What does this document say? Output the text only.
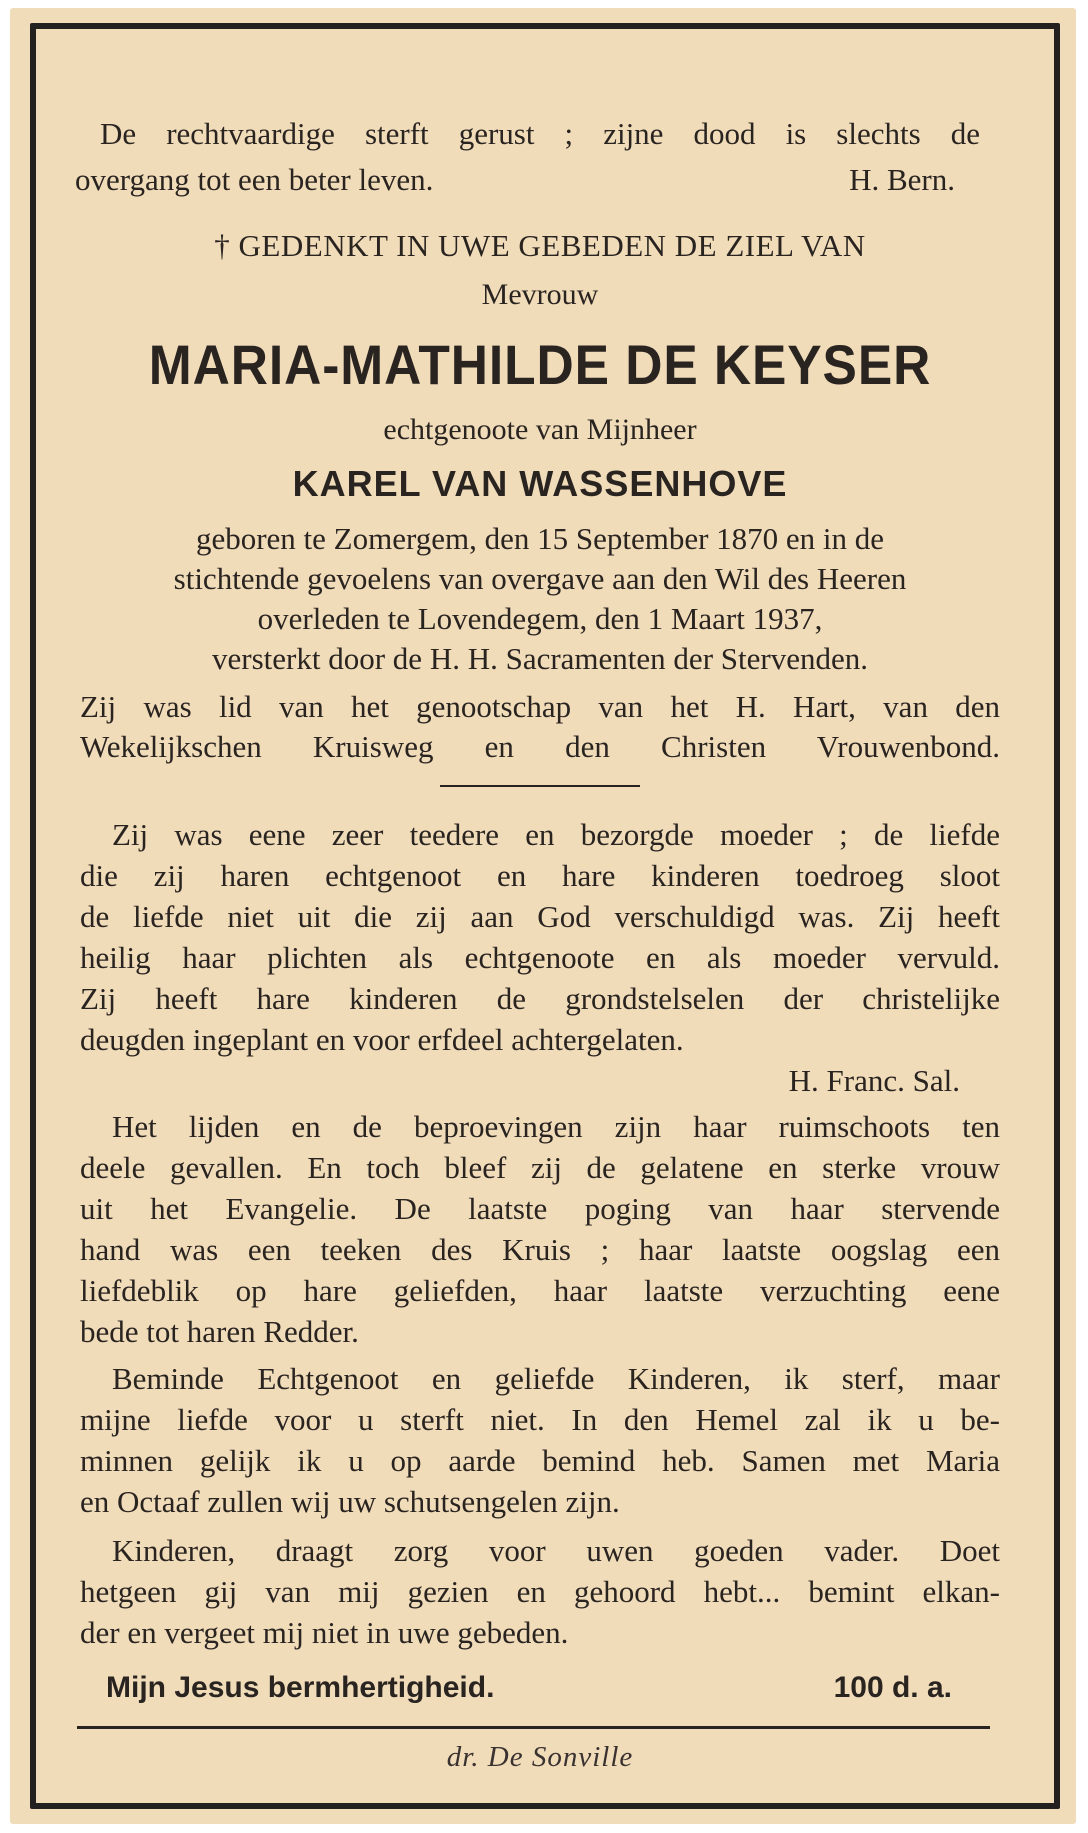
De rechtvaardige sterft gerust ; zijne dood is slechts de
overgang tot een beter leven.	H. Bern.
† GEDENKT IN UWE GEBEDEN DE ZIEL VAN
Mevrouw
MARIA-MATHILDE DE KEYSER
echtgenoote van Mijnheer
KAREL VAN WASSENHOVE
geboren te Zomergem, den 15 September 1870 en in de
stichtende gevoelens van overgave aan den Wil des Heeren
overleden te Lovendegem, den 1 Maart 1937,
versterkt door de H. H. Sacramenten der Stervenden.
Zij was lid van het genootschap van het H. Hart, van den
Wekelijkschen Kruisweg en den Christen Vrouwenbond.
Zij was eene zeer teedere en bezorgde moeder ; de liefde
die zij haren echtgenoot en hare kinderen toedroeg sloot
de liefde niet uit die zij aan God verschuldigd was. Zij heeft
heilig haar plichten als echtgenoote en als moeder vervuld.
Zij heeft hare kinderen de grondstelselen der christelijke
deugden ingeplant en voor erfdeel achtergelaten.
H. Franc. Sal.
Het lijden en de beproevingen zijn haar ruimschoots ten
deele gevallen. En toch bleef zij de gelatene en sterke vrouw
uit het Evangelie. De laatste poging van haar stervende
hand was een teeken des Kruis ; haar laatste oogslag een
liefdeblik op hare geliefden, haar laatste verzuchting eene
bede tot haren Redder.
Beminde Echtgenoot en geliefde Kinderen, ik sterf, maar
mijne liefde voor u sterft niet. In den Hemel zal ik u be-
minnen gelijk ik u op aarde bemind heb. Samen met Maria
en Octaaf zullen wij uw schutsengelen zijn.
Kinderen, draagt zorg voor uwen goeden vader. Doet
hetgeen gij van mij gezien en gehoord hebt... bemint elkan-
der en vergeet mij niet in uwe gebeden.
Mijn Jesus bermhertigheid.	100 d. a.
dr. De Sonville
